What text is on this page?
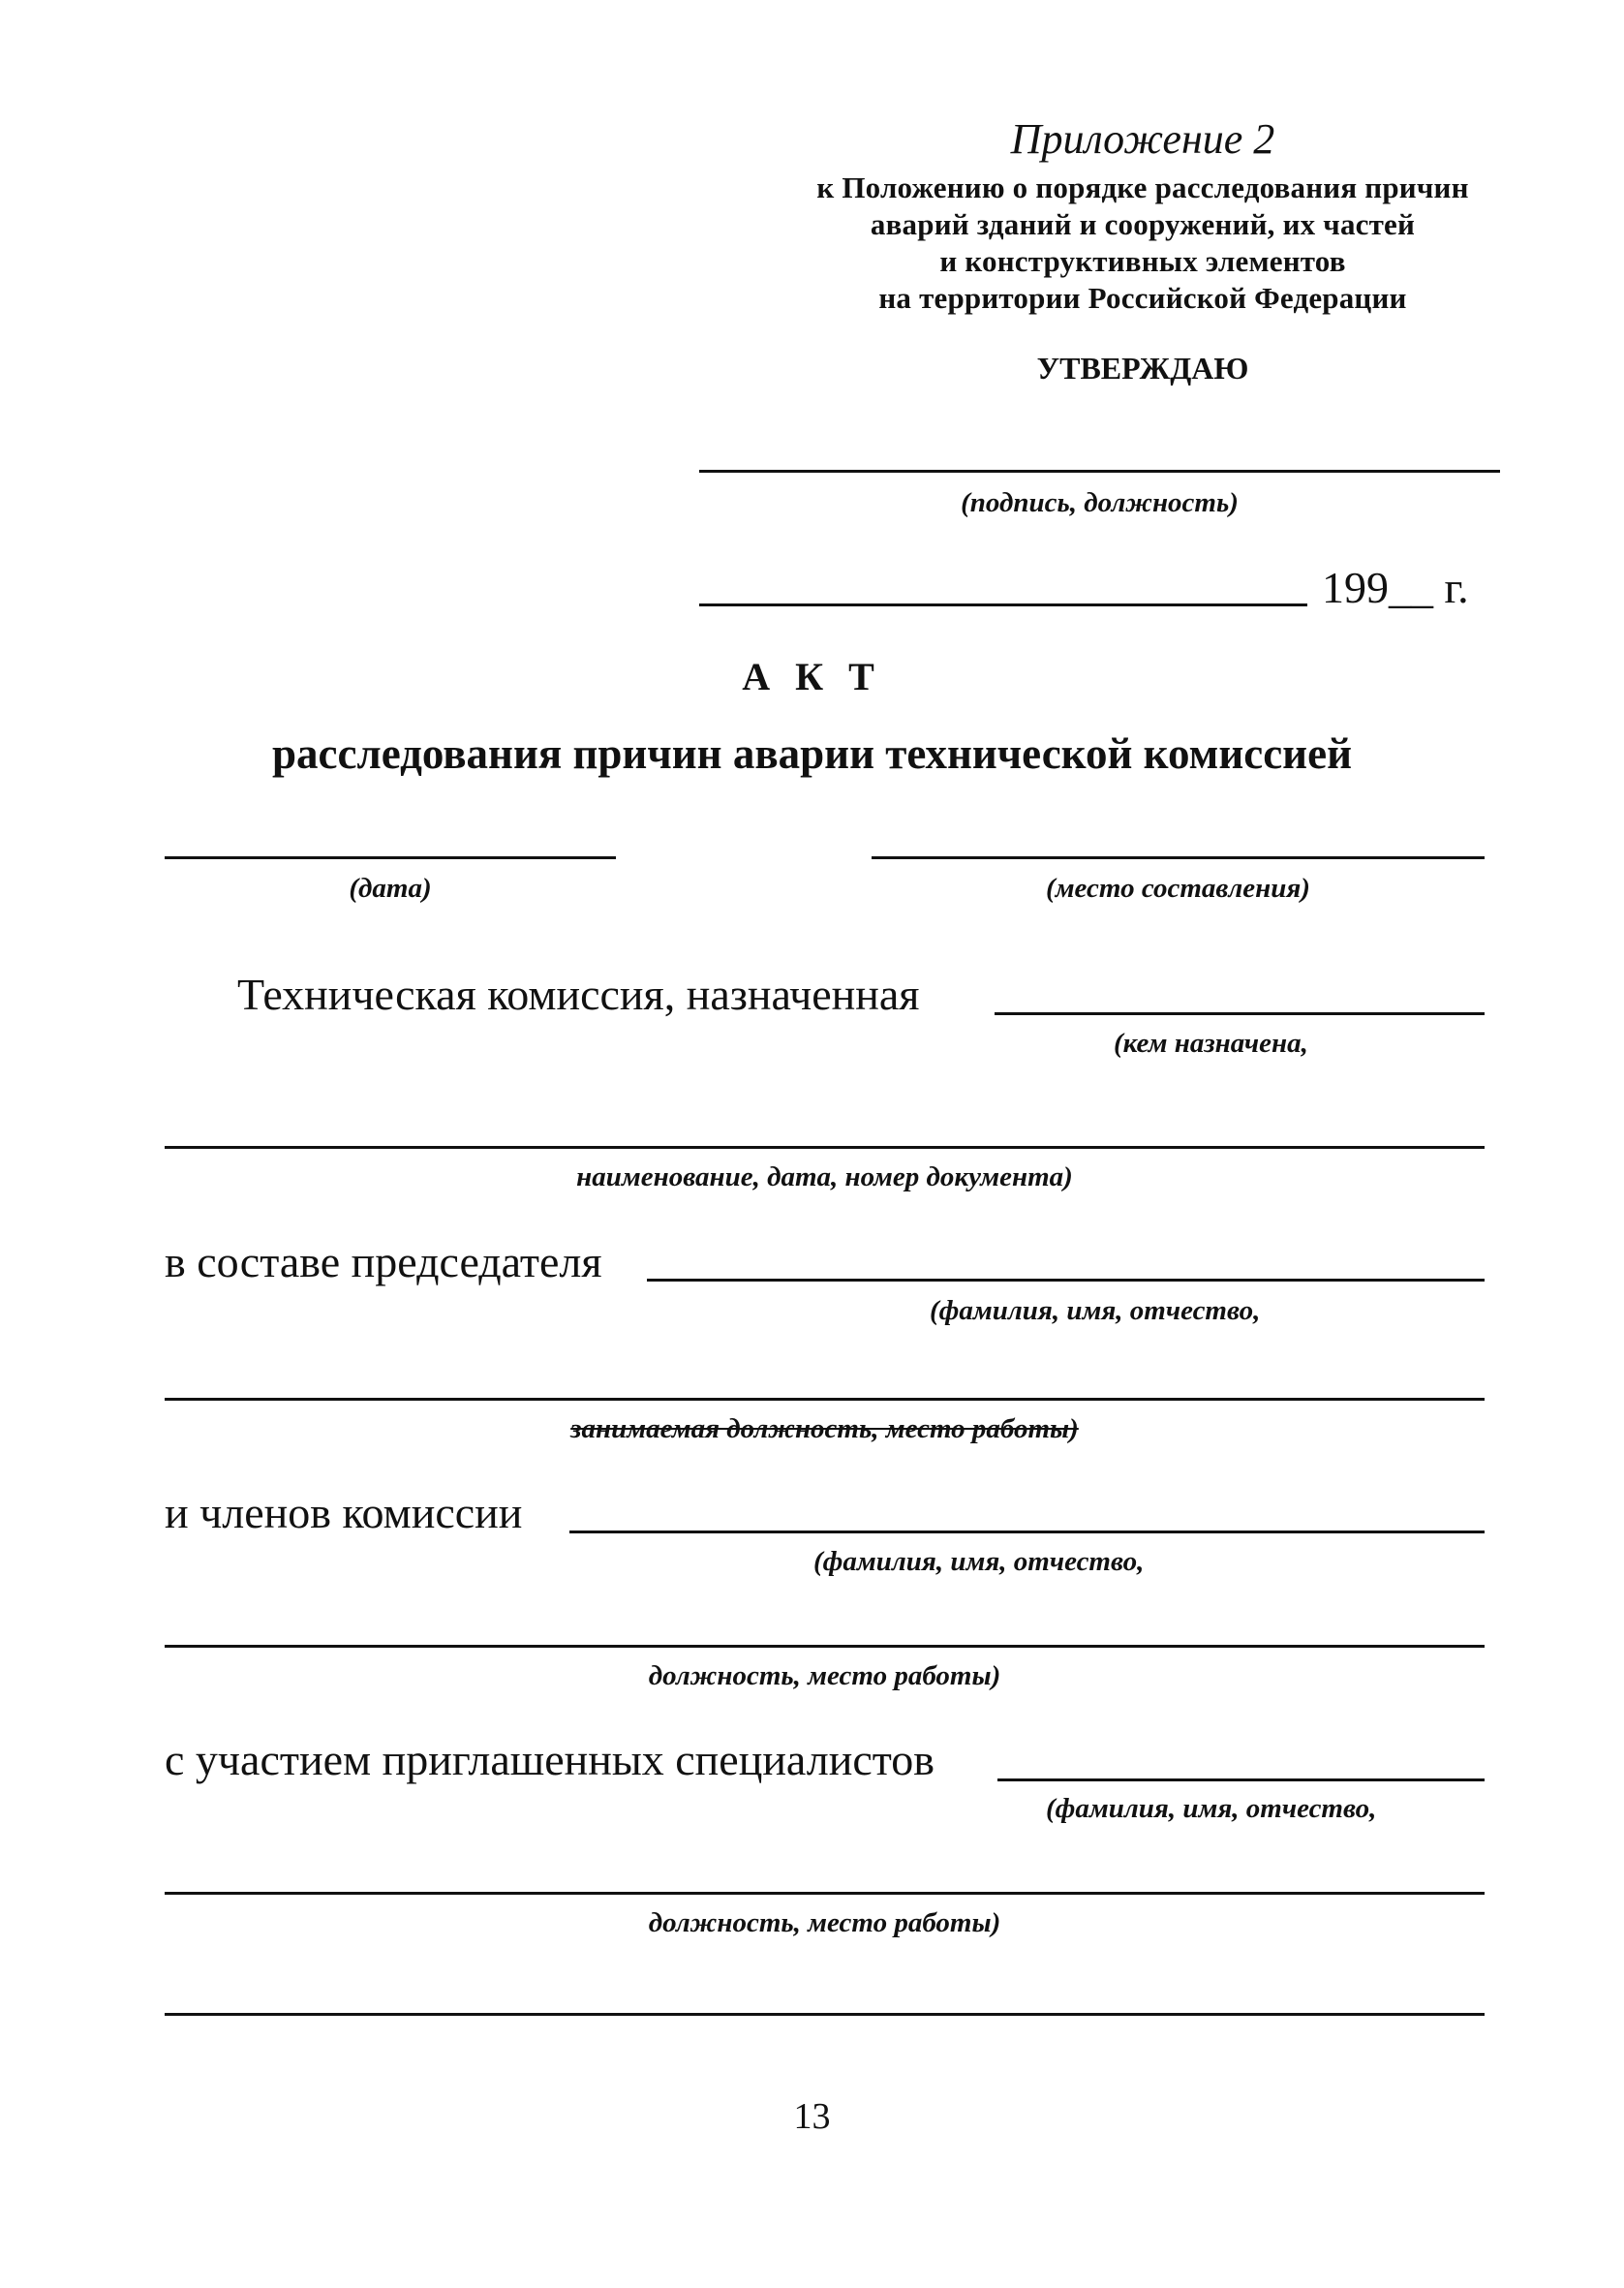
Приложение 2
к Положению о порядке расследования причин
аварий зданий и сооружений, их частей
и конструктивных элементов
на территории Российской Федерации
УТВЕРЖДАЮ
(подпись, должность)
199__ г.
А К Т
расследования причин аварии технической комиссией
(дата)	(место составления)
Техническая комиссия, назначенная
(кем назначена,
наименование, дата, номер документа)
в составе председателя
(фамилия, имя, отчество,
занимаемая должность, место работы)
и членов комиссии
(фамилия, имя, отчество,
должность, место работы)
с участием приглашенных специалистов
(фамилия, имя, отчество,
должность, место работы)
13
